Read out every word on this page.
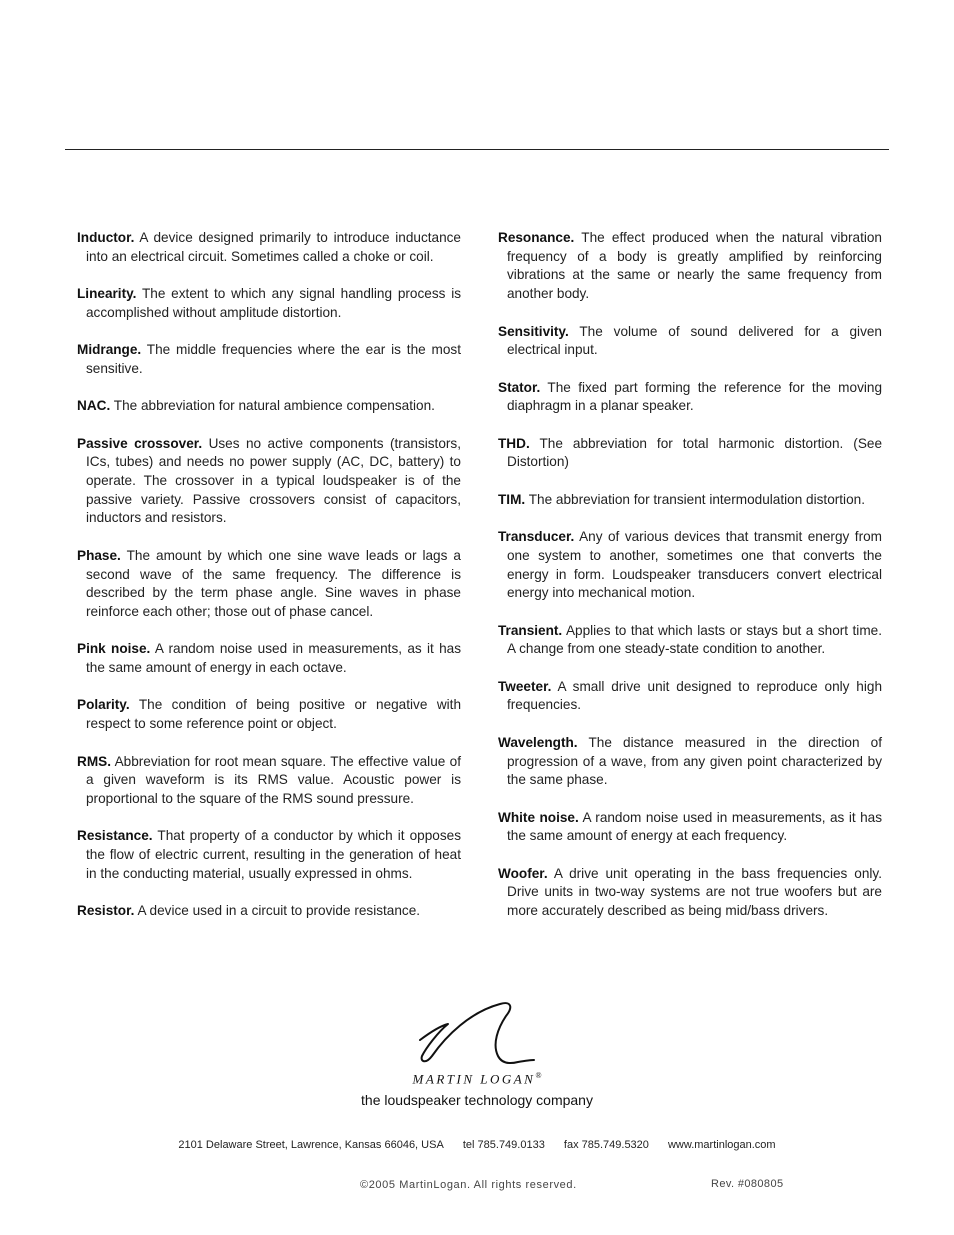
Inductor. A device designed primarily to introduce inductance into an electrical circuit. Sometimes called a choke or coil.

Linearity. The extent to which any signal handling process is accomplished without amplitude distortion.

Midrange. The middle frequencies where the ear is the most sensitive.

NAC. The abbreviation for natural ambience compensation.

Passive crossover. Uses no active components (transistors, ICs, tubes) and needs no power supply (AC, DC, battery) to operate. The crossover in a typical loudspeaker is of the passive variety. Passive crossovers consist of capacitors, inductors and resistors.

Phase. The amount by which one sine wave leads or lags a second wave of the same frequency. The difference is described by the term phase angle. Sine waves in phase reinforce each other; those out of phase cancel.

Pink noise. A random noise used in measurements, as it has the same amount of energy in each octave.

Polarity. The condition of being positive or negative with respect to some reference point or object.

RMS. Abbreviation for root mean square. The effective value of a given waveform is its RMS value. Acoustic power is proportional to the square of the RMS sound pressure.

Resistance. That property of a conductor by which it opposes the flow of electric current, resulting in the generation of heat in the conducting material, usually expressed in ohms.

Resistor. A device used in a circuit to provide resistance.

Resonance. The effect produced when the natural vibration frequency of a body is greatly amplified by reinforcing vibrations at the same or nearly the same frequency from another body.

Sensitivity. The volume of sound delivered for a given electrical input.

Stator. The fixed part forming the reference for the moving diaphragm in a planar speaker.

THD. The abbreviation for total harmonic distortion. (See Distortion)

TIM. The abbreviation for transient intermodulation distortion.

Transducer. Any of various devices that transmit energy from one system to another, sometimes one that converts the energy in form. Loudspeaker transducers convert electrical energy into mechanical motion.

Transient. Applies to that which lasts or stays but a short time. A change from one steady-state condition to another.

Tweeter. A small drive unit designed to reproduce only high frequencies.

Wavelength. The distance measured in the direction of progression of a wave, from any given point characterized by the same phase.

White noise. A random noise used in measurements, as it has the same amount of energy at each frequency.

Woofer. A drive unit operating in the bass frequencies only. Drive units in two-way systems are not true woofers but are more accurately described as being mid/bass drivers.

MARTIN LOGAN®
the loudspeaker technology company
2101 Delaware Street, Lawrence, Kansas 66046, USA tel 785.749.0133 fax 785.749.5320 www.martinlogan.com
©2005 MartinLogan. All rights reserved.	Rev. #080805
